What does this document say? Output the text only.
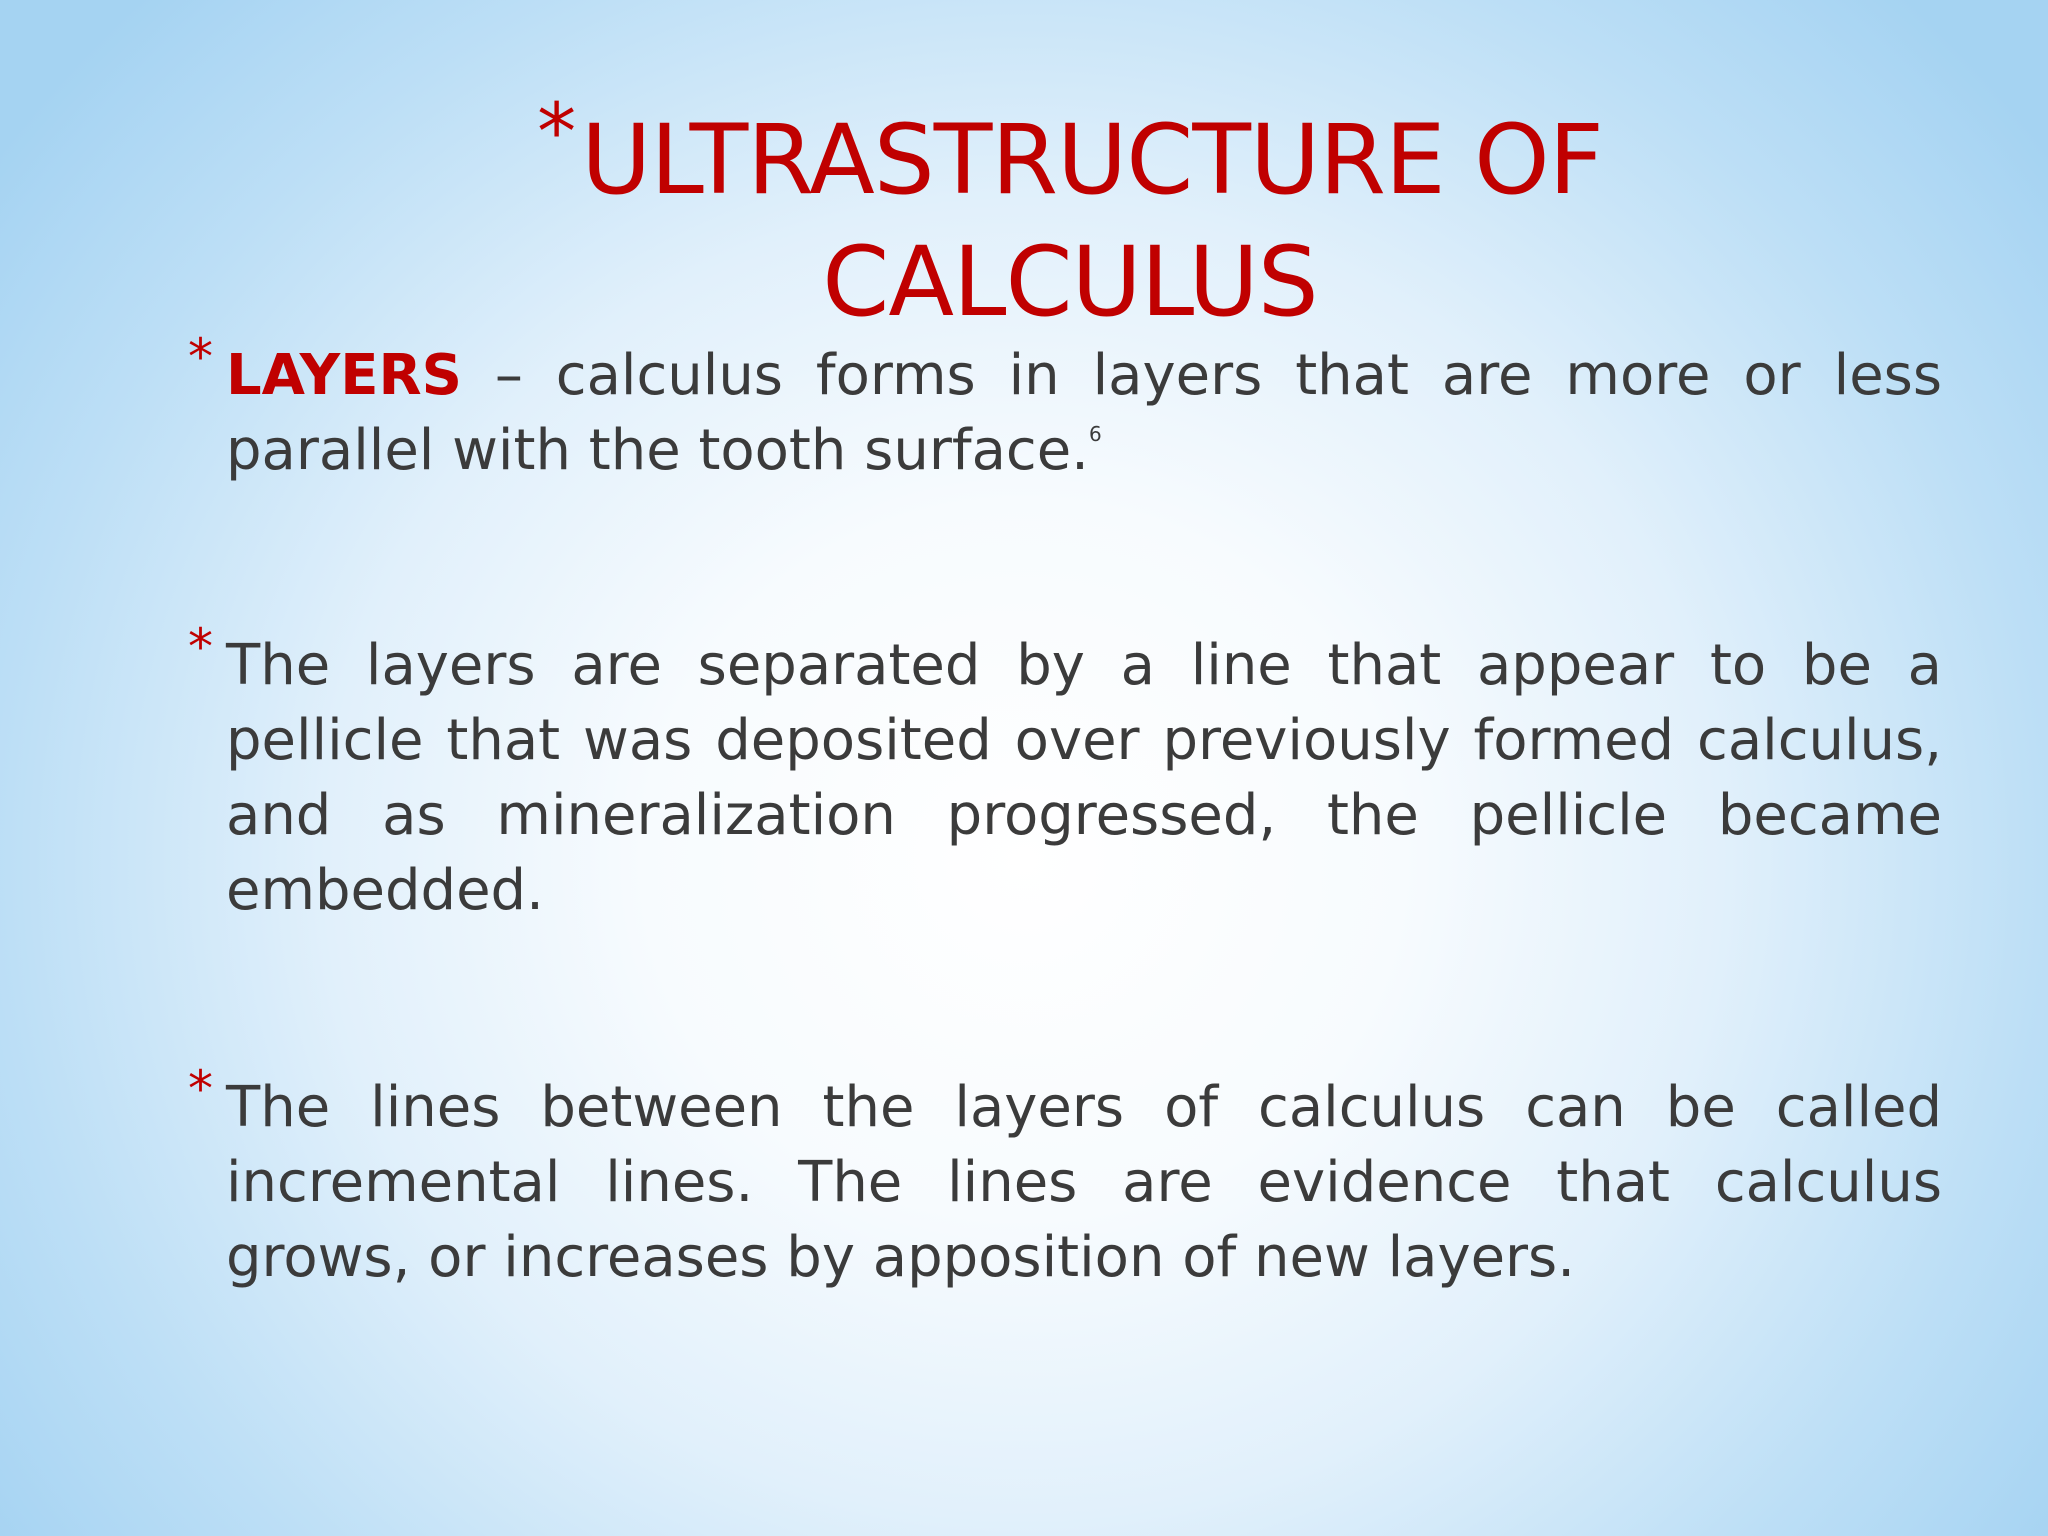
*ULTRASTRUCTURE OF
CALCULUS
* LAYERS – calculus forms in layers that are more or less parallel with the tooth surface.$^6$
* The layers are separated by a line that appear to be a pellicle that was deposited over previously formed calculus, and as mineralization progressed, the pellicle became embedded.
* The lines between the layers of calculus can be called incremental lines. The lines are evidence that calculus grows, or increases by apposition of new layers.
